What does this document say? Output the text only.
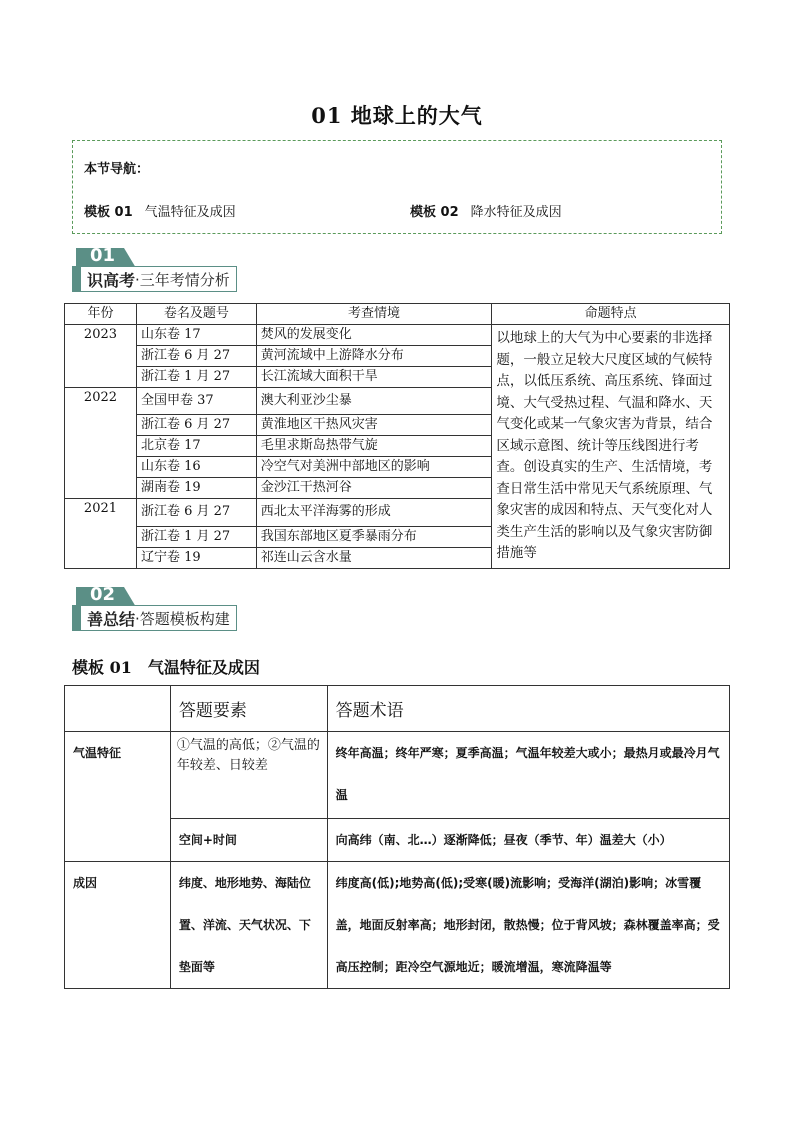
01 地球上的大气
本节导航：
模板 01 气温特征及成因	模板 02 降水特征及成因
01
识高考 ·三年考情分析
年份	卷名及题号	考查情境	命题特点
2023	山东卷 17	焚风的发展变化	以地球上的大气为中心要素的非选择题，一般立足较大尺度区域的气候特点，以低压系统、高压系统、锋面过境、大气受热过程、气温和降水、天气变化或某一气象灾害为背景，结合区域示意图、统计等压线图进行考查。创设真实的生产、生活情境，考查日常生活中常见天气系统原理、气象灾害的成因和特点、天气变化对人类生产生活的影响以及气象灾害防御措施等
	浙江卷 6 月 27	黄河流域中上游降水分布	
	浙江卷 1 月 27	长江流域大面积干旱	
2022	全国甲卷 37	澳大利亚沙尘暴	
	浙江卷 6 月 27	黄淮地区干热风灾害	
	北京卷 17	毛里求斯岛热带气旋	
	山东卷 16	冷空气对美洲中部地区的影响	
	湖南卷 19	金沙江干热河谷	
2021	浙江卷 6 月 27	西北太平洋海雾的形成	
	浙江卷 1 月 27	我国东部地区夏季暴雨分布	
	辽宁卷 19	祁连山云含水量	
02
善总结 ·答题模板构建
模板 01 气温特征及成因
	答题要素	答题术语
气温特征	①气温的高低；②气温的年较差、日较差	终年高温；终年严寒；夏季高温；气温年较差大或小；最热月或最冷月气温
	空间+时间	向高纬（南、北…）逐渐降低；昼夜（季节、年）温差大（小）
成因	纬度、地形地势、海陆位置、洋流、天气状况、下垫面等	纬度高(低);地势高(低);受寒(暖)流影响；受海洋(湖泊)影响；冰雪覆盖，地面反射率高；地形封闭，散热慢；位于背风坡；森林覆盖率高；受高压控制；距冷空气源地近；暖流增温，寒流降温等
